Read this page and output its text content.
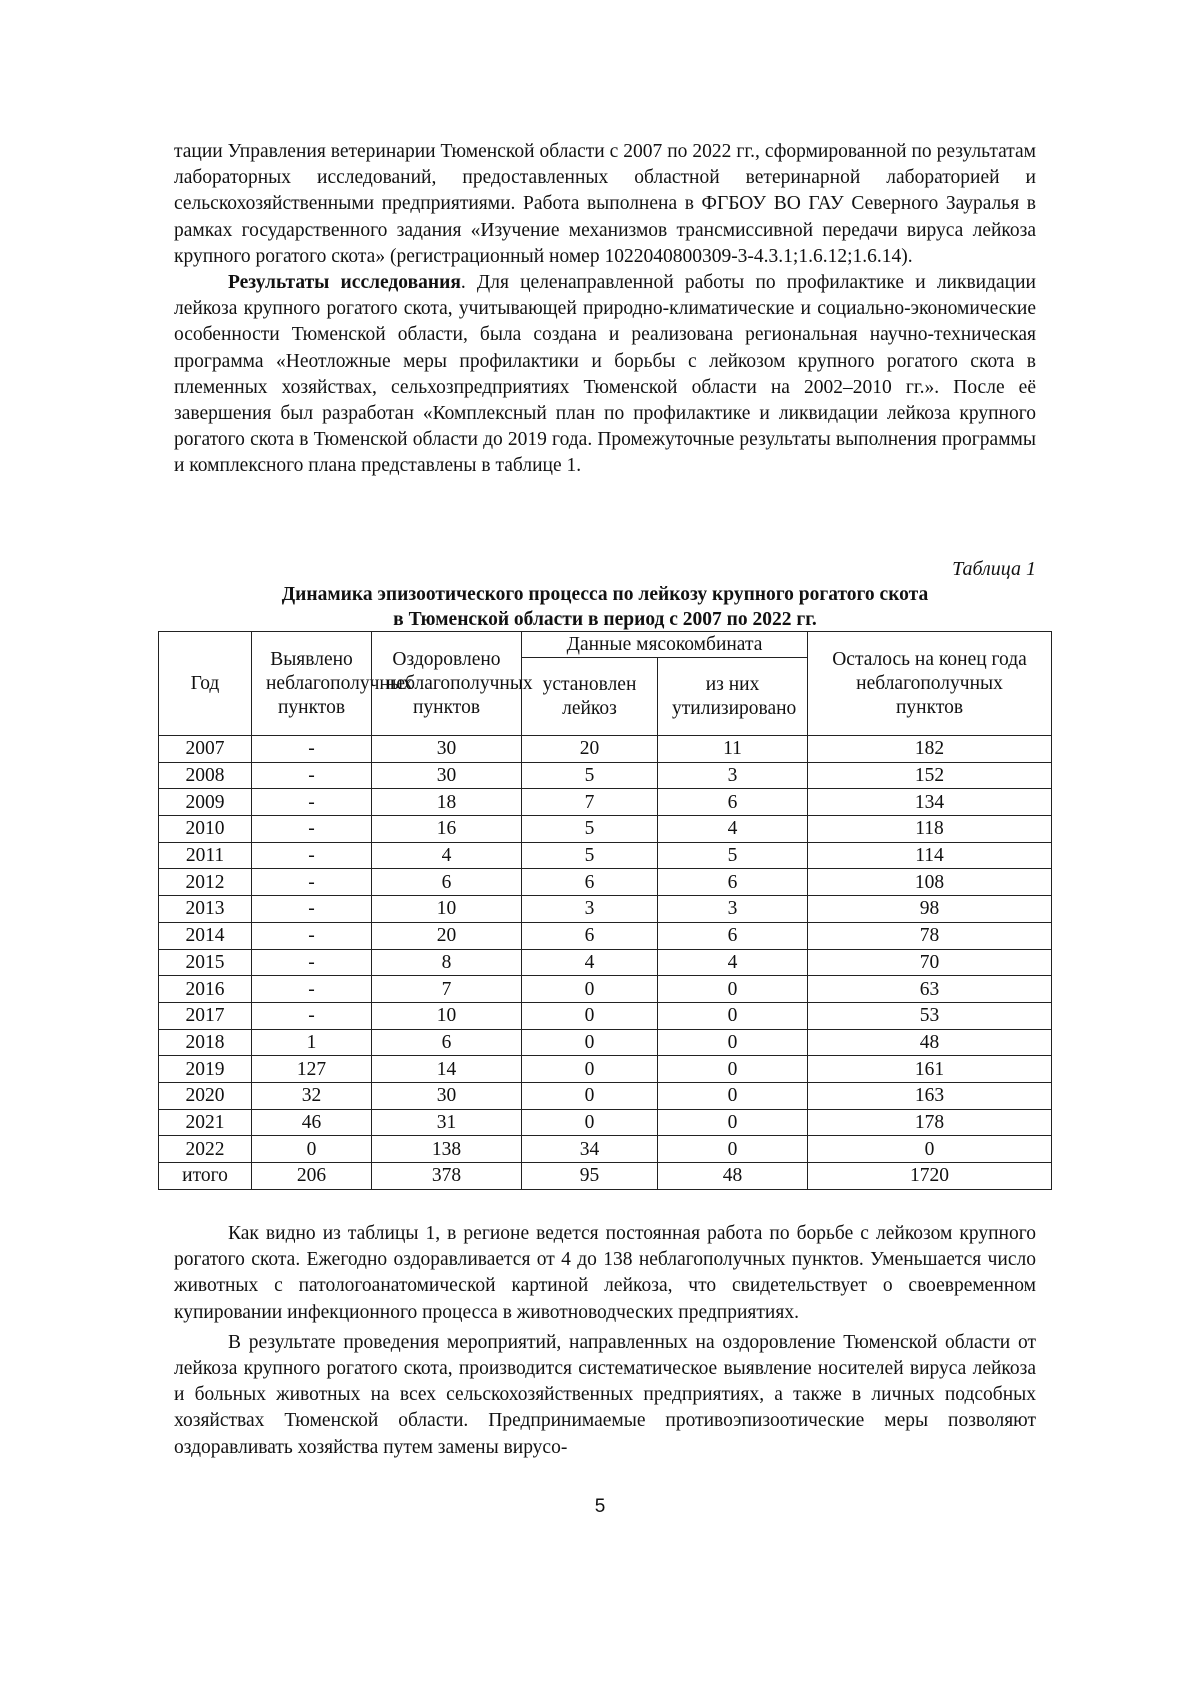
тации Управления ветеринарии Тюменской области с 2007 по 2022 гг., сформированной по результатам лабораторных исследований, предоставленных областной ветеринарной лабораторией и сельскохозяйственными предприятиями. Работа выполнена в ФГБОУ ВО ГАУ Северного Зауралья в рамках государственного задания «Изучение механизмов трансмиссивной передачи вируса лейкоза крупного рогатого скота» (регистрационный номер 1022040800309-3-4.3.1;1.6.12;1.6.14).

Результаты исследования. Для целенаправленной работы по профилактике и ликвидации лейкоза крупного рогатого скота, учитывающей природно-климатические и социально-экономические особенности Тюменской области, была создана и реализована региональная научно-техническая программа «Неотложные меры профилактики и борьбы с лейкозом крупного рогатого скота в племенных хозяйствах, сельхозпредприятиях Тюменской области на 2002–2010 гг.». После её завершения был разработан «Комплексный план по профилактике и ликвидации лейкоза крупного рогатого скота в Тюменской области до 2019 года. Промежуточные результаты выполнения программы и комплексного плана представлены в таблице 1.

Таблица 1
Динамика эпизоотического процесса по лейкозу крупного рогатого скота
в Тюменской области в период с 2007 по 2022 гг.
Год	Выявлено неблагополучных пунктов	Оздоровлено неблагополучных пунктов	Данные мясокомбината		Осталось на конец года неблагополучных пунктов
			установлен лейкоз	из них утилизировано	
2007	-	30	20	11	182
2008	-	30	5	3	152
2009	-	18	7	6	134
2010	-	16	5	4	118
2011	-	4	5	5	114
2012	-	6	6	6	108
2013	-	10	3	3	98
2014	-	20	6	6	78
2015	-	8	4	4	70
2016	-	7	0	0	63
2017	-	10	0	0	53
2018	1	6	0	0	48
2019	127	14	0	0	161
2020	32	30	0	0	163
2021	46	31	0	0	178
2022	0	138	34	0	0
итого	206	378	95	48	1720

Как видно из таблицы 1, в регионе ведется постоянная работа по борьбе с лейкозом крупного рогатого скота. Ежегодно оздоравливается от 4 до 138 неблагополучных пунктов. Уменьшается число животных с патологоанатомической картиной лейкоза, что свидетельствует о своевременном купировании инфекционного процесса в животноводческих предприятиях.

В результате проведения мероприятий, направленных на оздоровление Тюменской области от лейкоза крупного рогатого скота, производится систематическое выявление носителей вируса лейкоза и больных животных на всех сельскохозяйственных предприятиях, а также в личных подсобных хозяйствах Тюменской области. Предпринимаемые противоэпизоотические меры позволяют оздоравливать хозяйства путем замены вирусо-

5
